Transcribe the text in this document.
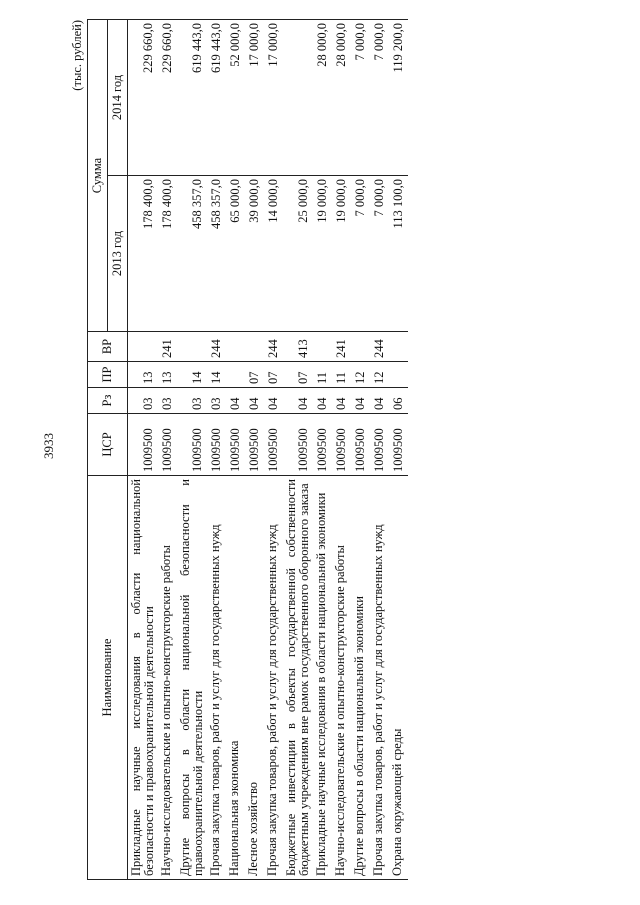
3933
(тыс. рублей)
Наименование	ЦСР	Рз	ПР	ВР	Сумма	
					2013 год	2014 год
Прикладные научные исследования в области национальной безопасности и правоохранительной деятельности	1009500	03	13		178 400,0	229 660,0
Научно-исследовательские и опытно-конструкторские работы	1009500	03	13	241	178 400,0	229 660,0
Другие вопросы в области национальной безопасности и правоохранительной деятельности	1009500	03	14		458 357,0	619 443,0
Прочая закупка товаров, работ и услуг для государственных нужд	1009500	03	14	244	458 357,0	619 443,0
Национальная экономика	1009500	04			65 000,0	52 000,0
Лесное хозяйство	1009500	04	07		39 000,0	17 000,0
Прочая закупка товаров, работ и услуг для государственных нужд	1009500	04	07	244	14 000,0	17 000,0
Бюджетные инвестиции в объекты государственной собственности бюджетным учреждениям вне рамок государственного оборонного заказа	1009500	04	07	413	25 000,0	
Прикладные научные исследования в области национальной экономики	1009500	04	11		19 000,0	28 000,0
Научно-исследовательские и опытно-конструкторские работы	1009500	04	11	241	19 000,0	28 000,0
Другие вопросы в области национальной экономики	1009500	04	12		7 000,0	7 000,0
Прочая закупка товаров, работ и услуг для государственных нужд	1009500	04	12	244	7 000,0	7 000,0
Охрана окружающей среды	1009500	06			113 100,0	119 200,0
